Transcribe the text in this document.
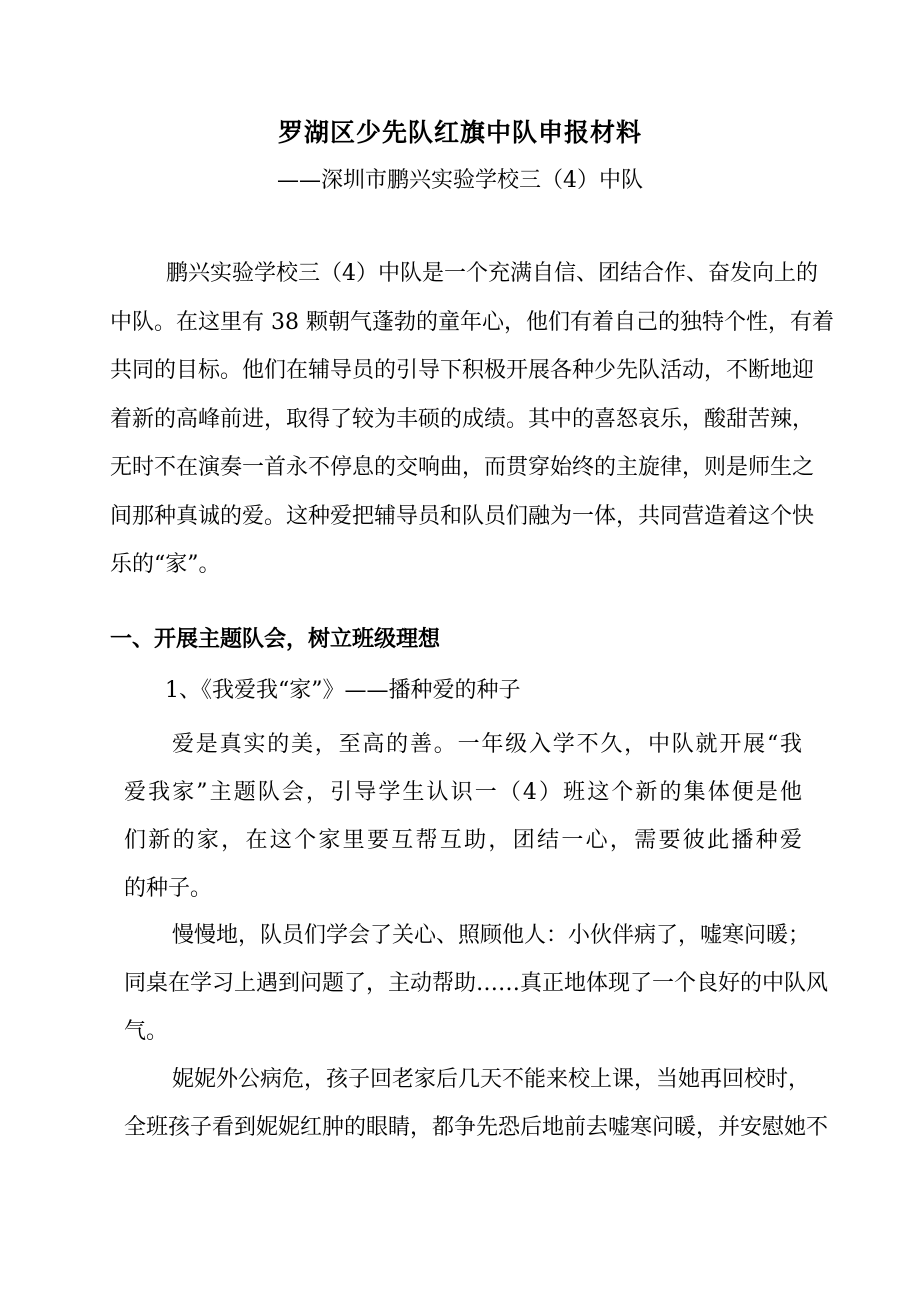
罗湖区少先队红旗中队申报材料
——深圳市鹏兴实验学校三（4）中队
鹏兴实验学校三（4）中队是一个充满自信、团结合作、奋发向上的
中队。在这里有 38 颗朝气蓬勃的童年心，他们有着自己的独特个性，有着
共同的目标。他们在辅导员的引导下积极开展各种少先队活动，不断地迎
着新的高峰前进，取得了较为丰硕的成绩。其中的喜怒哀乐，酸甜苦辣，
无时不在演奏一首永不停息的交响曲，而贯穿始终的主旋律，则是师生之
间那种真诚的爱。这种爱把辅导员和队员们融为一体，共同营造着这个快
乐的“家”。
一、开展主题队会，树立班级理想
1、《我爱我“家”》——播种爱的种子
爱是真实的美，至高的善。一年级入学不久，中队就开展“我
爱我家”主题队会，引导学生认识一（4）班这个新的集体便是他
们新的家，在这个家里要互帮互助，团结一心，需要彼此播种爱
的种子。
慢慢地，队员们学会了关心、照顾他人：小伙伴病了，嘘寒问暖；
同桌在学习上遇到问题了，主动帮助……真正地体现了一个良好的中队风
气。
妮妮外公病危，孩子回老家后几天不能来校上课，当她再回校时，
全班孩子看到妮妮红肿的眼睛，都争先恐后地前去嘘寒问暖，并安慰她不
